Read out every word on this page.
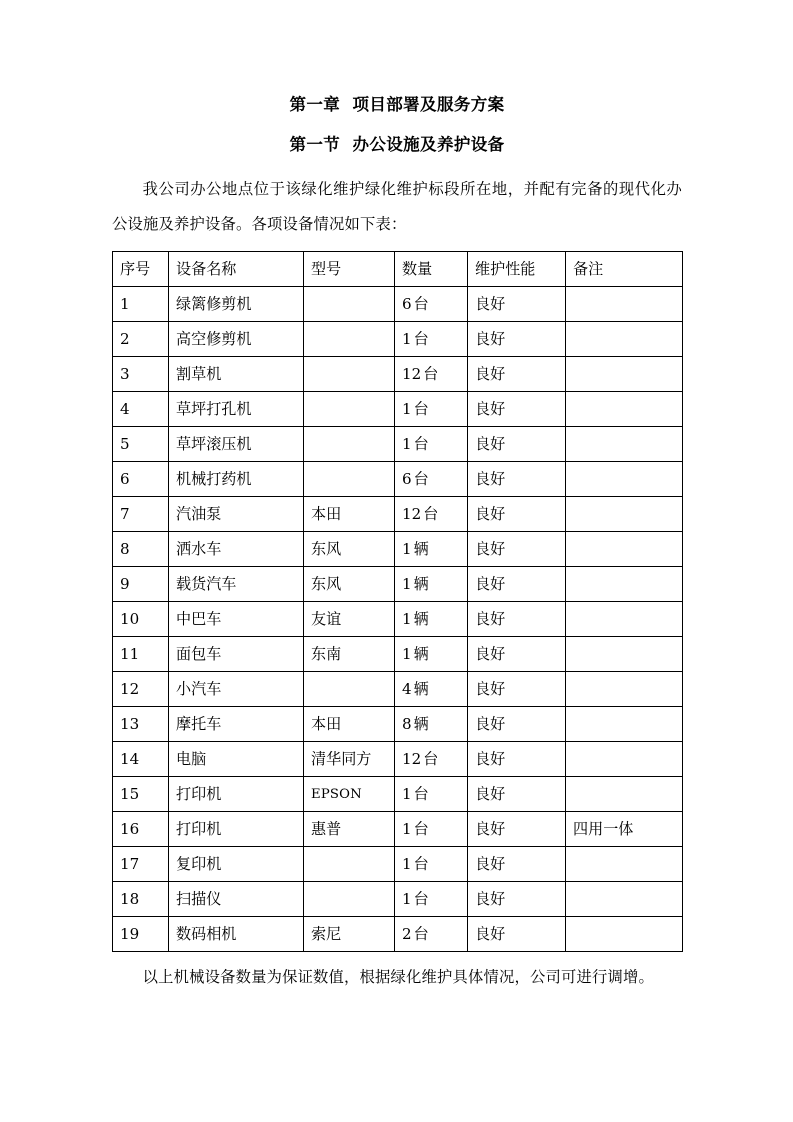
第一章  项目部署及服务方案
第一节  办公设施及养护设备

我公司办公地点位于该绿化维护绿化维护标段所在地，并配有完备的现代化办公设施及养护设备。各项设备情况如下表：

序号	设备名称	型号	数量	维护性能	备注
1	绿篱修剪机		6 台	良好	
2	高空修剪机		1 台	良好	
3	割草机		12 台	良好	
4	草坪打孔机		1 台	良好	
5	草坪滚压机		1 台	良好	
6	机械打药机		6 台	良好	
7	汽油泵	本田	12 台	良好	
8	洒水车	东风	1 辆	良好	
9	载货汽车	东风	1 辆	良好	
10	中巴车	友谊	1 辆	良好	
11	面包车	东南	1 辆	良好	
12	小汽车		4 辆	良好	
13	摩托车	本田	8 辆	良好	
14	电脑	清华同方	12 台	良好	
15	打印机	EPSON	1 台	良好	
16	打印机	惠普	1 台	良好	四用一体
17	复印机		1 台	良好	
18	扫描仪		1 台	良好	
19	数码相机	索尼	2 台	良好	

以上机械设备数量为保证数值，根据绿化维护具体情况，公司可进行调增。
